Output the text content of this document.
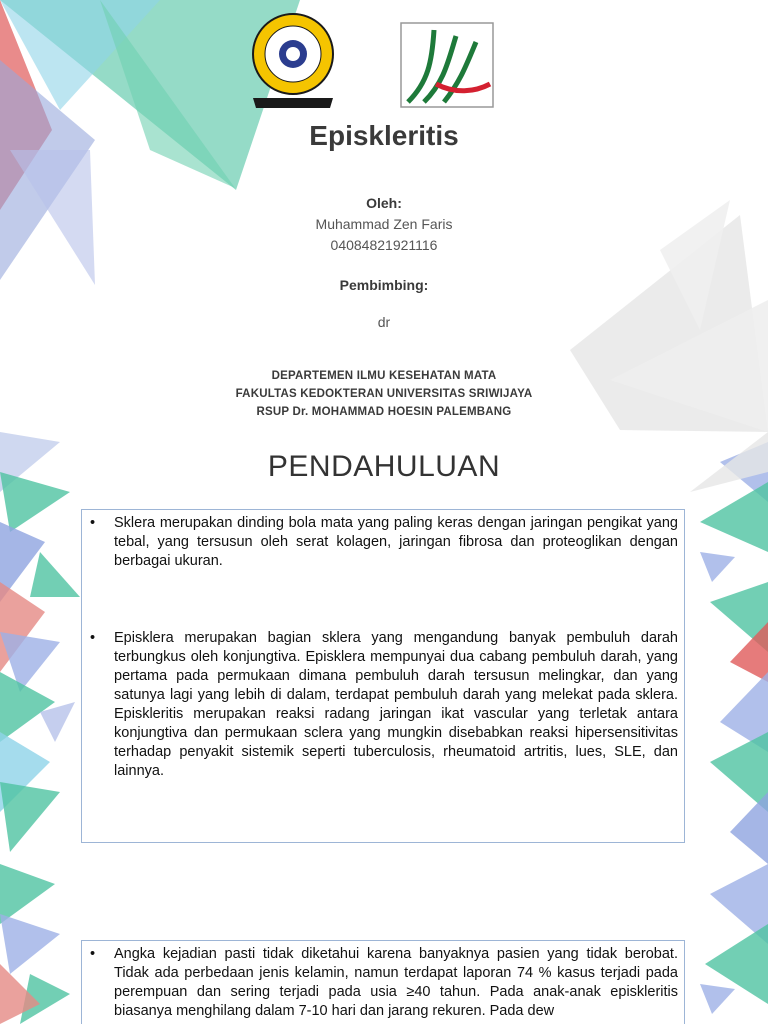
Episkleritis
Oleh:
Muhammad Zen Faris
04084821921116
Pembimbing:
dr
DEPARTEMEN ILMU KESEHATAN MATA
FAKULTAS KEDOKTERAN UNIVERSITAS SRIWIJAYA
RSUP Dr. MOHAMMAD HOESIN PALEMBANG
PENDAHULUAN

• Sklera merupakan dinding bola mata yang paling keras dengan jaringan pengikat yang tebal, yang tersusun oleh serat kolagen, jaringan fibrosa dan proteoglikan dengan berbagai ukuran.

• Episklera merupakan bagian sklera yang mengandung banyak pembuluh darah terbungkus oleh konjungtiva. Episklera mempunyai dua cabang pembuluh darah, yang pertama pada permukaan dimana pembuluh darah tersusun melingkar, dan yang satunya lagi yang lebih di dalam, terdapat pembuluh darah yang melekat pada sklera. Episkleritis merupakan reaksi radang jaringan ikat vascular yang terletak antara konjungtiva dan permukaan sclera yang mungkin disebabkan reaksi hipersensitivitas terhadap penyakit sistemik seperti tuberculosis, rheumatoid artritis, lues, SLE, dan lainnya.

• Angka kejadian pasti tidak diketahui karena banyaknya pasien yang tidak berobat. Tidak ada perbedaan jenis kelamin, namun terdapat laporan 74 % kasus terjadi pada perempuan dan sering terjadi pada usia ≥40 tahun. Pada anak-anak episkleritis biasanya menghilang dalam 7-10 hari dan jarang rekuren. Pada dew
